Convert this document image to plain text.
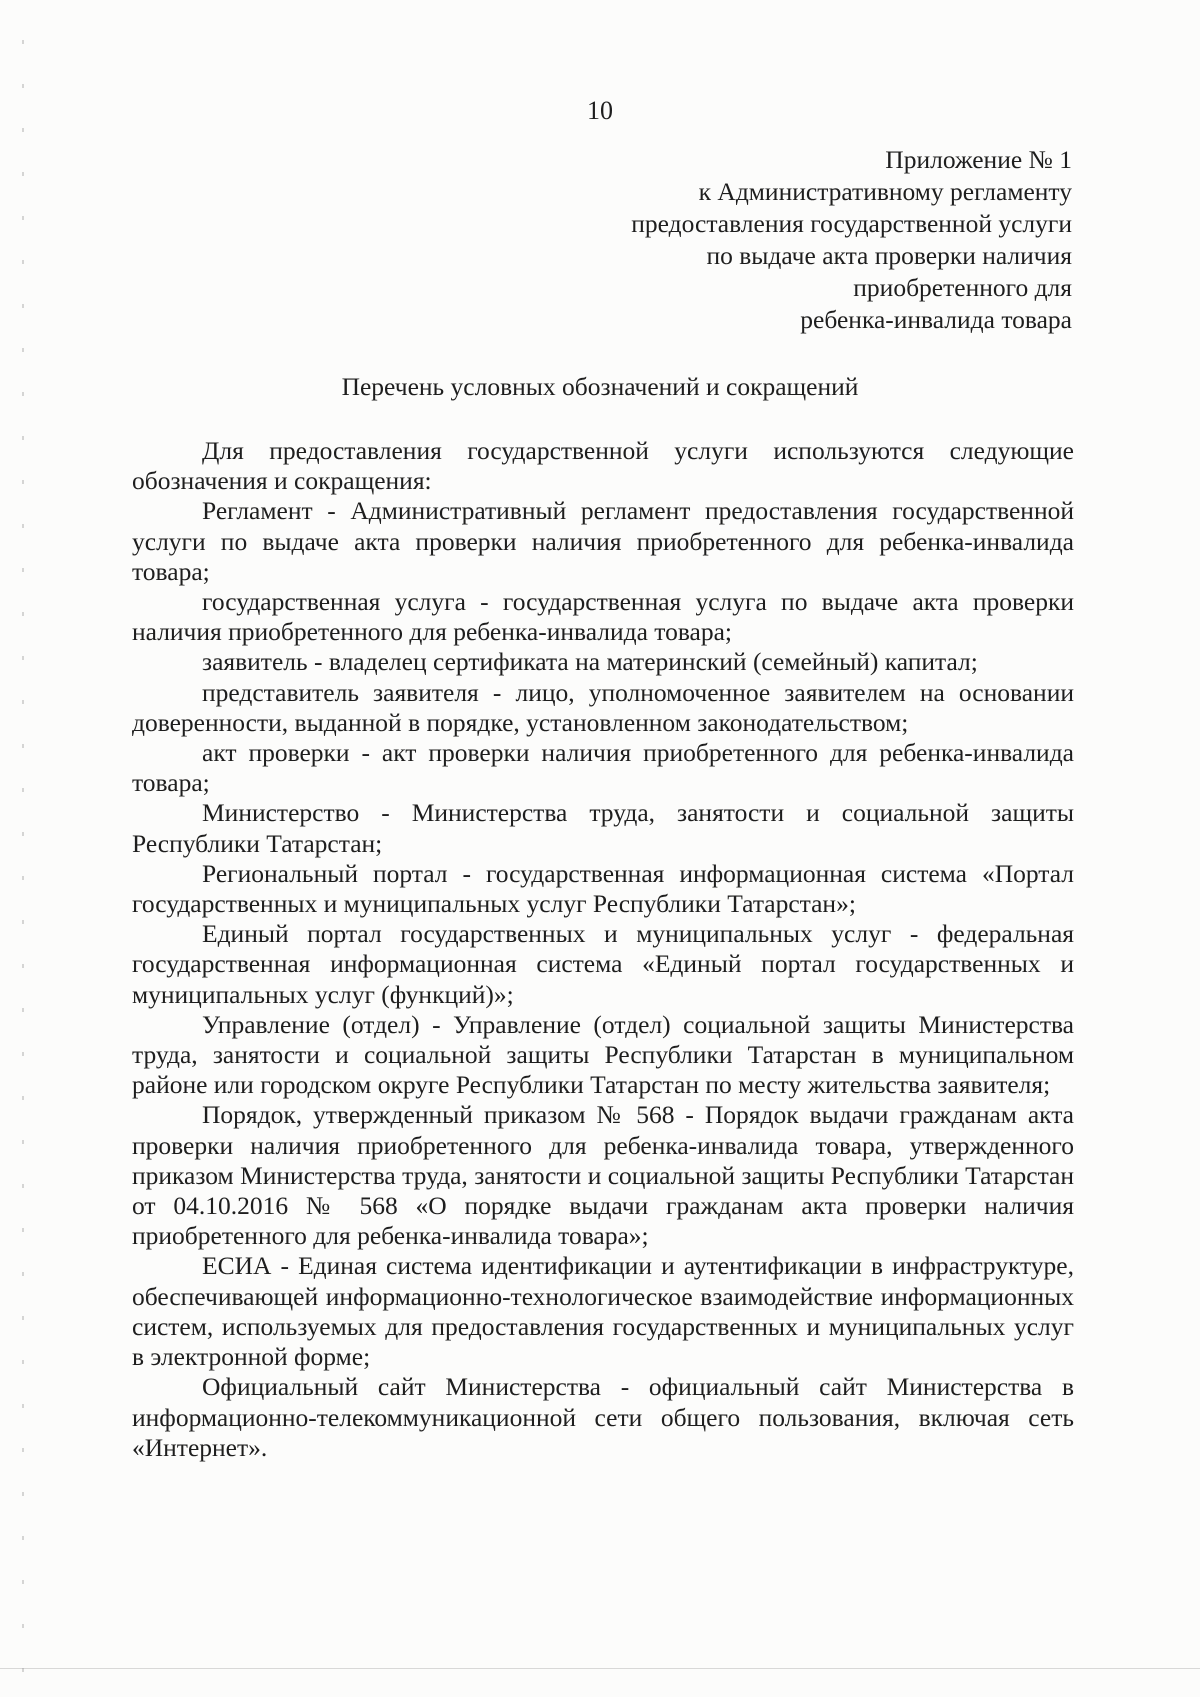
10
Приложение № 1
к Административному регламенту
предоставления государственной услуги
по выдаче акта проверки наличия
приобретенного для
ребенка-инвалида товара
Перечень условных обозначений и сокращений

Для предоставления государственной услуги используются следующие обозначения и сокращения:

Регламент - Административный регламент предоставления государственной услуги по выдаче акта проверки наличия приобретенного для ребенка-инвалида товара;

государственная услуга - государственная услуга по выдаче акта проверки наличия приобретенного для ребенка-инвалида товара;

заявитель - владелец сертификата на материнский (семейный) капитал;

представитель заявителя - лицо, уполномоченное заявителем на основании доверенности, выданной в порядке, установленном законодательством;

акт проверки - акт проверки наличия приобретенного для ребенка-инвалида товара;

Министерство - Министерства труда, занятости и социальной защиты Республики Татарстан;

Региональный портал - государственная информационная система «Портал государственных и муниципальных услуг Республики Татарстан»;

Единый портал государственных и муниципальных услуг - федеральная государственная информационная система «Единый портал государственных и муниципальных услуг (функций)»;

Управление (отдел) - Управление (отдел) социальной защиты Министерства труда, занятости и социальной защиты Республики Татарстан в муниципальном районе или городском округе Республики Татарстан по месту жительства заявителя;

Порядок, утвержденный приказом № 568 - Порядок выдачи гражданам акта проверки наличия приобретенного для ребенка-инвалида товара, утвержденного приказом Министерства труда, занятости и социальной защиты Республики Татарстан от 04.10.2016 № 568 «О порядке выдачи гражданам акта проверки наличия приобретенного для ребенка-инвалида товара»;

ЕСИА - Единая система идентификации и аутентификации в инфраструктуре, обеспечивающей информационно-технологическое взаимодействие информационных систем, используемых для предоставления государственных и муниципальных услуг в электронной форме;

Официальный сайт Министерства - официальный сайт Министерства в информационно-телекоммуникационной сети общего пользования, включая сеть «Интернет».
